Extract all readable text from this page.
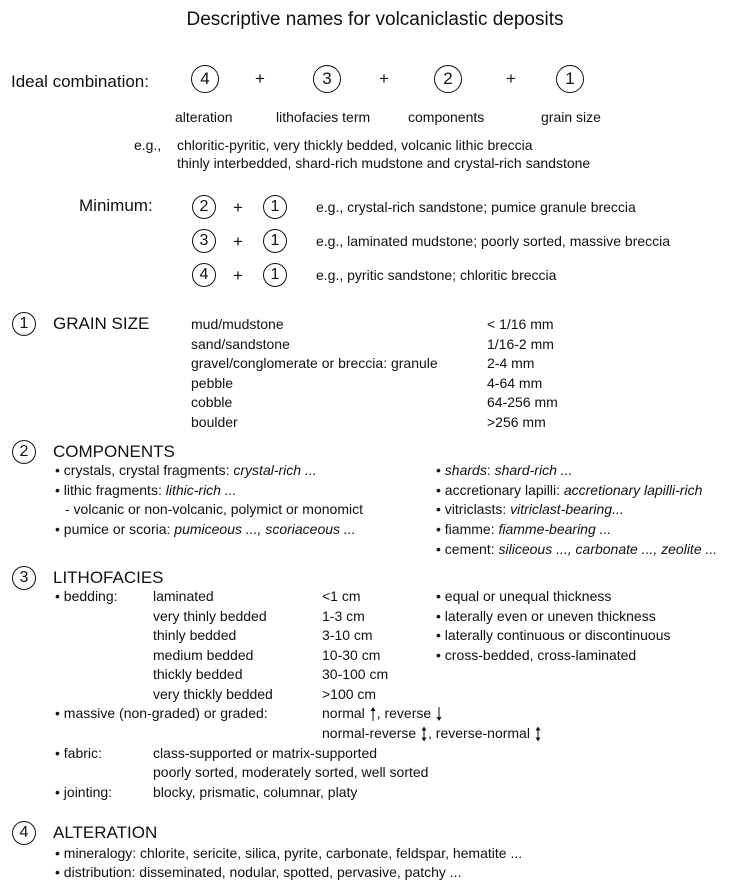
Descriptive names for volcaniclastic deposits
Ideal combination:	4	+	3	+	2	+	1
alteration	lithofacies term	components	grain size
e.g., chloritic-pyritic, very thickly bedded, volcanic lithic breccia
thinly interbedded, shard-rich mudstone and crystal-rich sandstone
Minimum:	2	+	1	e.g., crystal-rich sandstone; pumice granule breccia
3	+	1	e.g., laminated mudstone; poorly sorted, massive breccia
4	+	1	e.g., pyritic sandstone; chloritic breccia
1	GRAIN SIZE	mud/mudstone	< 1/16 mm
sand/sandstone	1/16-2 mm
gravel/conglomerate or breccia: granule	2-4 mm
pebble	4-64 mm
cobble	64-256 mm
boulder	>256 mm
2	COMPONENTS
• crystals, crystal fragments: crystal-rich ...
• lithic fragments: lithic-rich ...
- volcanic or non-volcanic, polymict or monomict
• pumice or scoria: pumiceous ..., scoriaceous ...
• shards: shard-rich ...
• accretionary lapilli: accretionary lapilli-rich
• vitriclasts: vitriclast-bearing...
• fiamme: fiamme-bearing ...
• cement: siliceous ..., carbonate ..., zeolite ...
3	LITHOFACIES
• bedding:	laminated	<1 cm
very thinly bedded	1-3 cm
thinly bedded	3-10 cm
medium bedded	10-30 cm
thickly bedded	30-100 cm
very thickly bedded	>100 cm
• equal or unequal thickness
• laterally even or uneven thickness
• laterally continuous or discontinuous
• cross-bedded, cross-laminated
• massive (non-graded) or graded:	normal , reverse
normal-reverse , reverse-normal
• fabric:	class-supported or matrix-supported
poorly sorted, moderately sorted, well sorted
• jointing:	blocky, prismatic, columnar, platy
4	ALTERATION
• mineralogy: chlorite, sericite, silica, pyrite, carbonate, feldspar, hematite ...
• distribution: disseminated, nodular, spotted, pervasive, patchy ...
